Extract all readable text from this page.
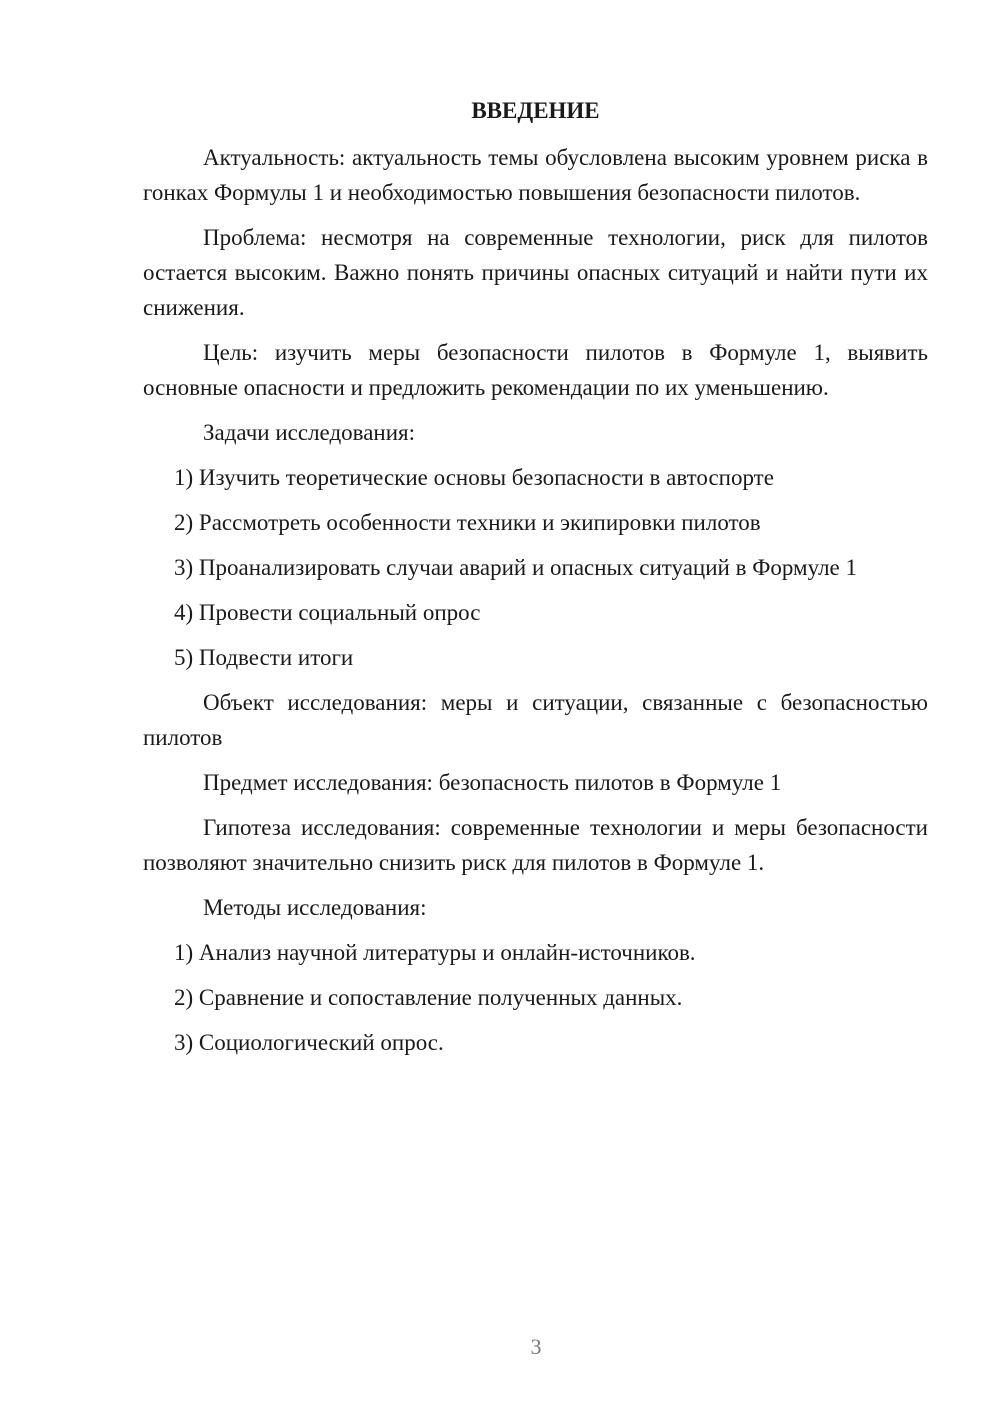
ВВЕДЕНИЕ

Актуальность: актуальность темы обусловлена высоким уровнем риска в гонках Формулы 1 и необходимостью повышения безопасности пилотов.

Проблема: несмотря на современные технологии, риск для пилотов остается высоким. Важно понять причины опасных ситуаций и найти пути их снижения.

Цель: изучить меры безопасности пилотов в Формуле 1, выявить основные опасности и предложить рекомендации по их уменьшению.

Задачи исследования:
1) Изучить теоретические основы безопасности в автоспорте
2) Рассмотреть особенности техники и экипировки пилотов
3) Проанализировать случаи аварий и опасных ситуаций в Формуле 1
4) Провести социальный опрос
5) Подвести итоги

Объект исследования: меры и ситуации, связанные с безопасностью пилотов

Предмет исследования: безопасность пилотов в Формуле 1

Гипотеза исследования: современные технологии и меры безопасности позволяют значительно снизить риск для пилотов в Формуле 1.

Методы исследования:
1) Анализ научной литературы и онлайн-источников.
2) Сравнение и сопоставление полученных данных.
3) Социологический опрос.
3
